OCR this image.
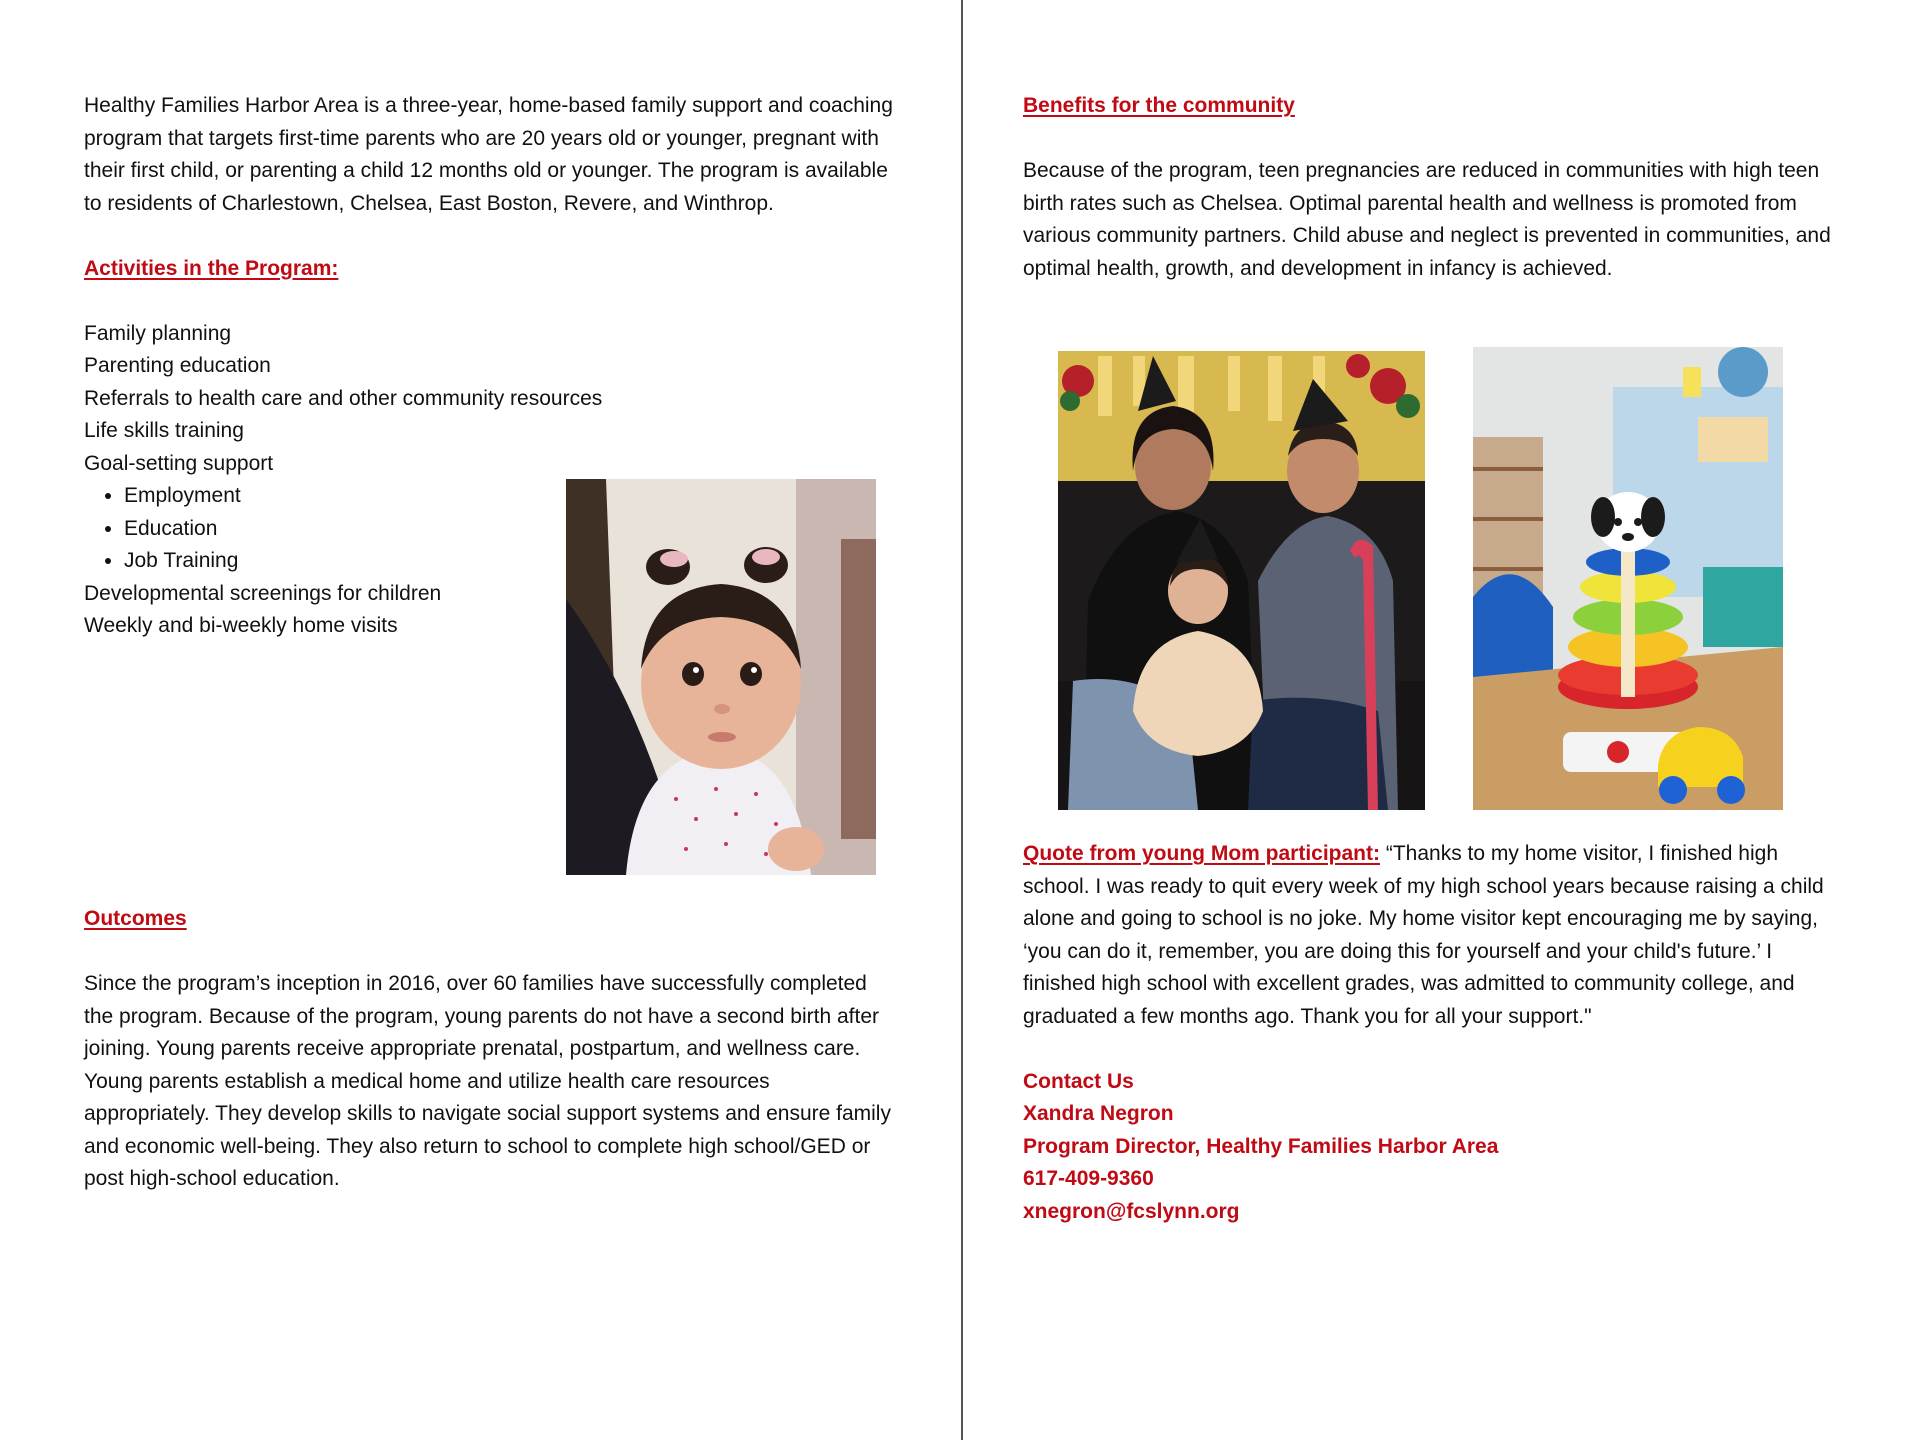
Healthy Families Harbor Area is a three-year, home-based family support and coaching program that targets first-time parents who are 20 years old or younger, pregnant with their first child, or parenting a child 12 months old or younger. The program is available to residents of Charlestown, Chelsea, East Boston, Revere, and Winthrop.

Activities in the Program:

Family planning

Parenting education

Referrals to health care and other community resources

Life skills training

Goal-setting support

• Employment
• Education
• Job Training

Developmental screenings for children

Weekly and bi-weekly home visits

Outcomes

Since the program’s inception in 2016, over 60 families have successfully completed the program. Because of the program, young parents do not have a second birth after joining. Young parents receive appropriate prenatal, postpartum, and wellness care. Young parents establish a medical home and utilize health care resources appropriately. They develop skills to navigate social support systems and ensure family and economic well-being. They also return to school to complete high school/GED or post high-school education.

Benefits for the community

Because of the program, teen pregnancies are reduced in communities with high teen birth rates such as Chelsea. Optimal parental health and wellness is promoted from various community partners. Child abuse and neglect is prevented in communities, and optimal health, growth, and development in infancy is achieved.

Quote from young Mom participant: “Thanks to my home visitor, I finished high school. I was ready to quit every week of my high school years because raising a child alone and going to school is no joke. My home visitor kept encouraging me by saying, ‘you can do it, remember, you are doing this for yourself and your child's future.’ I finished high school with excellent grades, was admitted to community college, and graduated a few months ago. Thank you for all your support."

Contact Us

Xandra Negron

Program Director, Healthy Families Harbor Area

617-409-9360

xnegron@fcslynn.org
